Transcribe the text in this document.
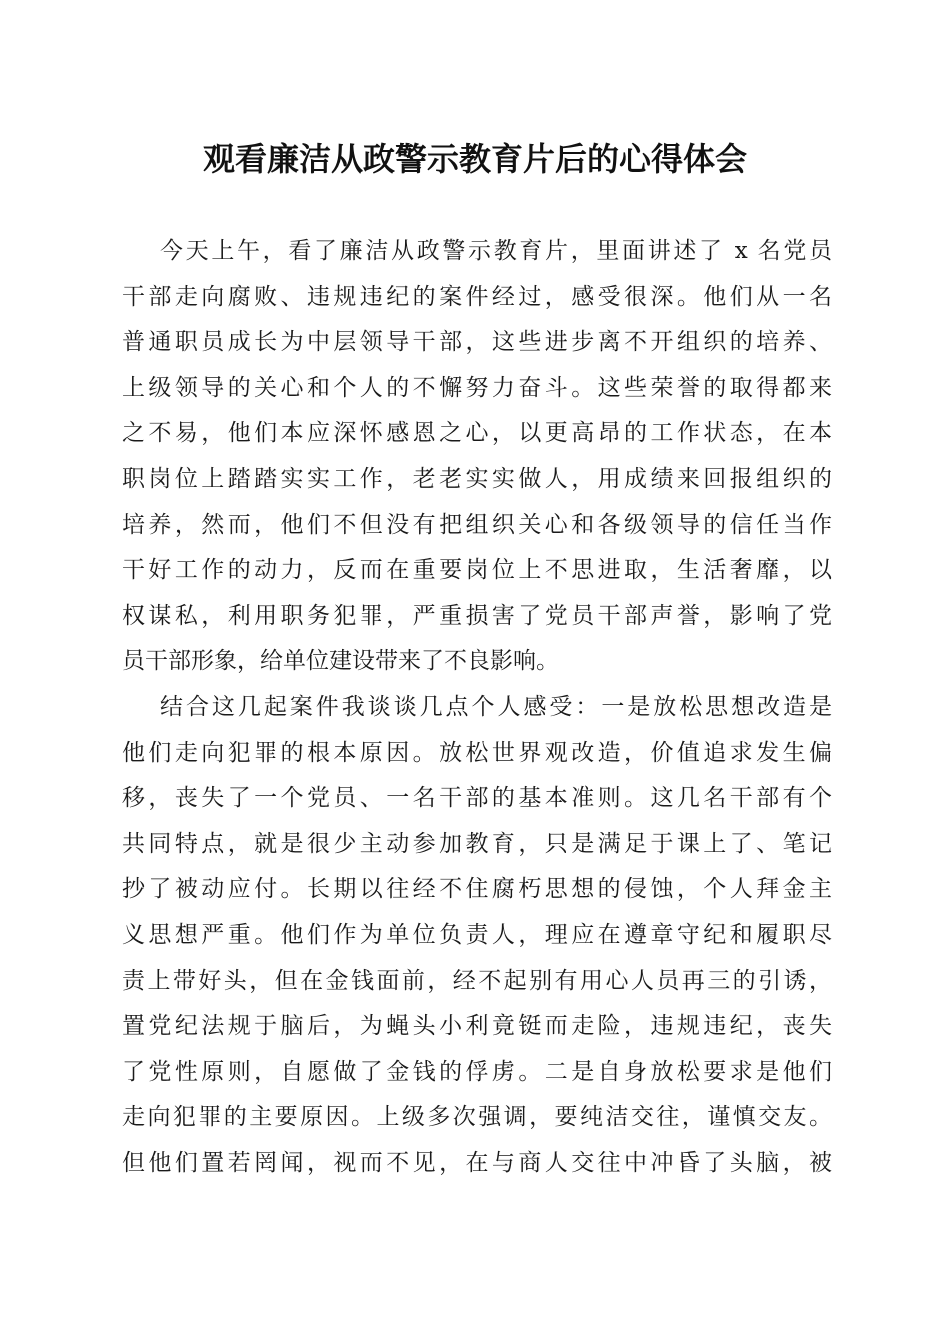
观看廉洁从政警示教育片后的心得体会
今天上午，看了廉洁从政警示教育片，里面讲述了 x 名党员
干部走向腐败、违规违纪的案件经过，感受很深。他们从一名
普通职员成长为中层领导干部，这些进步离不开组织的培养、
上级领导的关心和个人的不懈努力奋斗。这些荣誉的取得都来
之不易，他们本应深怀感恩之心，以更高昂的工作状态，在本
职岗位上踏踏实实工作，老老实实做人，用成绩来回报组织的
培养，然而，他们不但没有把组织关心和各级领导的信任当作
干好工作的动力，反而在重要岗位上不思进取，生活奢靡，以
权谋私，利用职务犯罪，严重损害了党员干部声誉，影响了党
员干部形象，给单位建设带来了不良影响。
结合这几起案件我谈谈几点个人感受：一是放松思想改造是
他们走向犯罪的根本原因。放松世界观改造，价值追求发生偏
移，丧失了一个党员、一名干部的基本准则。这几名干部有个
共同特点，就是很少主动参加教育，只是满足于课上了、笔记
抄了被动应付。长期以往经不住腐朽思想的侵蚀，个人拜金主
义思想严重。他们作为单位负责人，理应在遵章守纪和履职尽
责上带好头，但在金钱面前，经不起别有用心人员再三的引诱，
置党纪法规于脑后，为蝇头小利竟铤而走险，违规违纪，丧失
了党性原则，自愿做了金钱的俘虏。二是自身放松要求是他们
走向犯罪的主要原因。上级多次强调，要纯洁交往，谨慎交友。
但他们置若罔闻，视而不见，在与商人交往中冲昏了头脑，被
